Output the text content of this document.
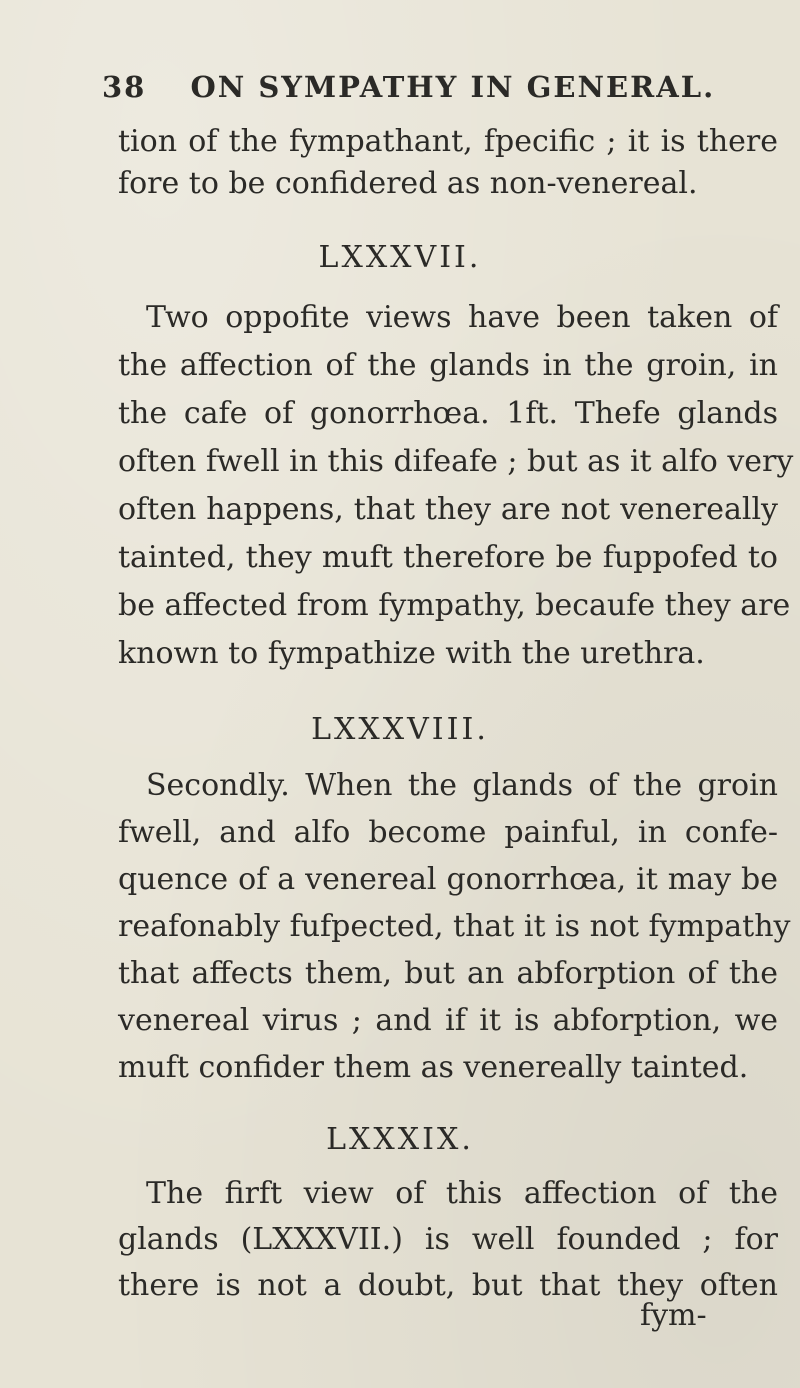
38 ON SYMPATHY IN GENERAL.
tion of the fympathant, fpecific ; it is there
fore to be confidered as non-venereal.
LXXXVII.
Two oppofite views have been taken of
the affection of the glands in the groin, in
the cafe of gonorrhœa. 1ft. Thefe glands
often fwell in this difeafe ; but as it alfo very
often happens, that they are not venereally
tainted, they muft therefore be fuppofed to
be affected from fympathy, becaufe they are
known to fympathize with the urethra.
LXXXVIII.
Secondly. When the glands of the groin
fwell, and alfo become painful, in confe-
quence of a venereal gonorrhœa, it may be
reafonably fufpected, that it is not fympathy
that affects them, but an abforption of the
venereal virus ; and if it is abforption, we
muft confider them as venereally tainted.
LXXXIX.
The firft view of this affection of the
glands (LXXXVII.) is well founded ; for
there is not a doubt, but that they often
fym-
